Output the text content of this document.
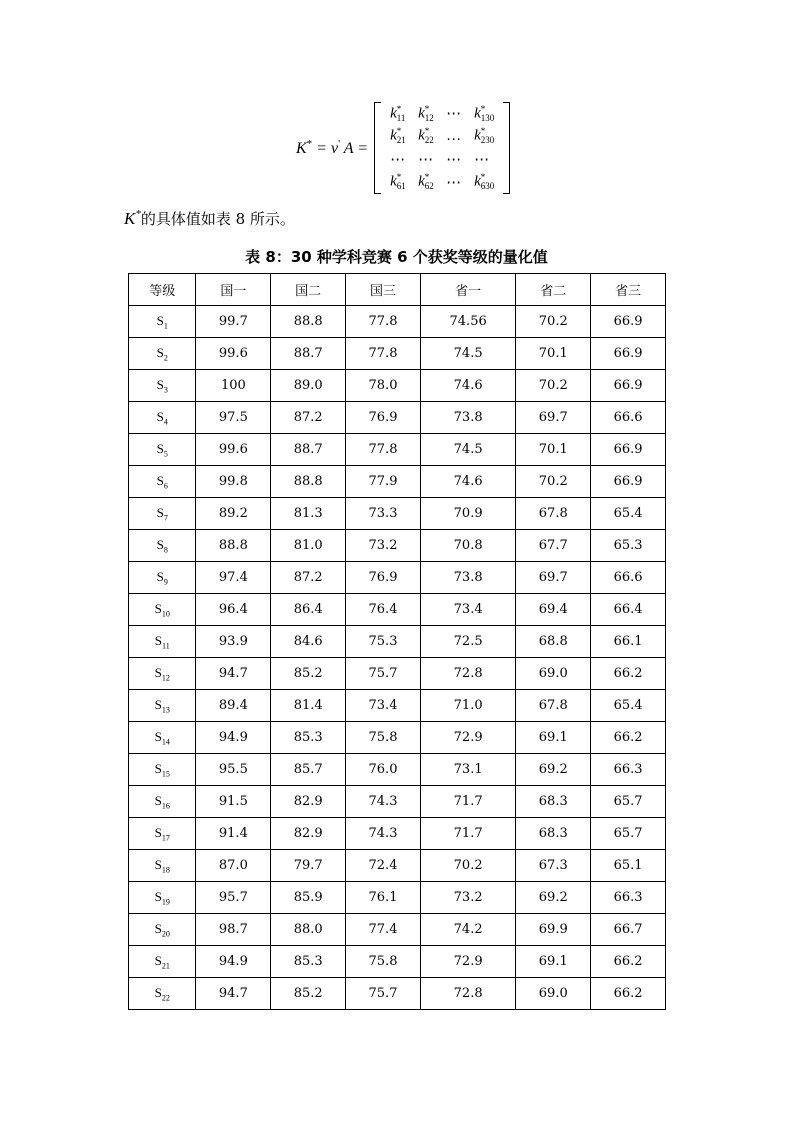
K* = v' A =
k *
11	k *
12	⋯	k *
130

k *
21	k *
22	…	k *
230

⋯	⋯	⋯	⋯
k *
61	k *
62	⋯	k *
630
K*的具体值如表 8 所示。
表 8：30 种学科竞赛 6 个获奖等级的量化值
等级	国一	国二	国三	省一	省二	省三
$S_1$	99.7	88.8	77.8	74.56	70.2	66.9
$S_2$	99.6	88.7	77.8	74.5	70.1	66.9
$S_3$	100	89.0	78.0	74.6	70.2	66.9
$S_4$	97.5	87.2	76.9	73.8	69.7	66.6
$S_5$	99.6	88.7	77.8	74.5	70.1	66.9
$S_6$	99.8	88.8	77.9	74.6	70.2	66.9
$S_7$	89.2	81.3	73.3	70.9	67.8	65.4
$S_8$	88.8	81.0	73.2	70.8	67.7	65.3
$S_9$	97.4	87.2	76.9	73.8	69.7	66.6
$S_{10}$	96.4	86.4	76.4	73.4	69.4	66.4
$S_{11}$	93.9	84.6	75.3	72.5	68.8	66.1
$S_{12}$	94.7	85.2	75.7	72.8	69.0	66.2
$S_{13}$	89.4	81.4	73.4	71.0	67.8	65.4
$S_{14}$	94.9	85.3	75.8	72.9	69.1	66.2
$S_{15}$	95.5	85.7	76.0	73.1	69.2	66.3
$S_{16}$	91.5	82.9	74.3	71.7	68.3	65.7
$S_{17}$	91.4	82.9	74.3	71.7	68.3	65.7
$S_{18}$	87.0	79.7	72.4	70.2	67.3	65.1
$S_{19}$	95.7	85.9	76.1	73.2	69.2	66.3
$S_{20}$	98.7	88.0	77.4	74.2	69.9	66.7
$S_{21}$	94.9	85.3	75.8	72.9	69.1	66.2
$S_{22}$	94.7	85.2	75.7	72.8	69.0	66.2
